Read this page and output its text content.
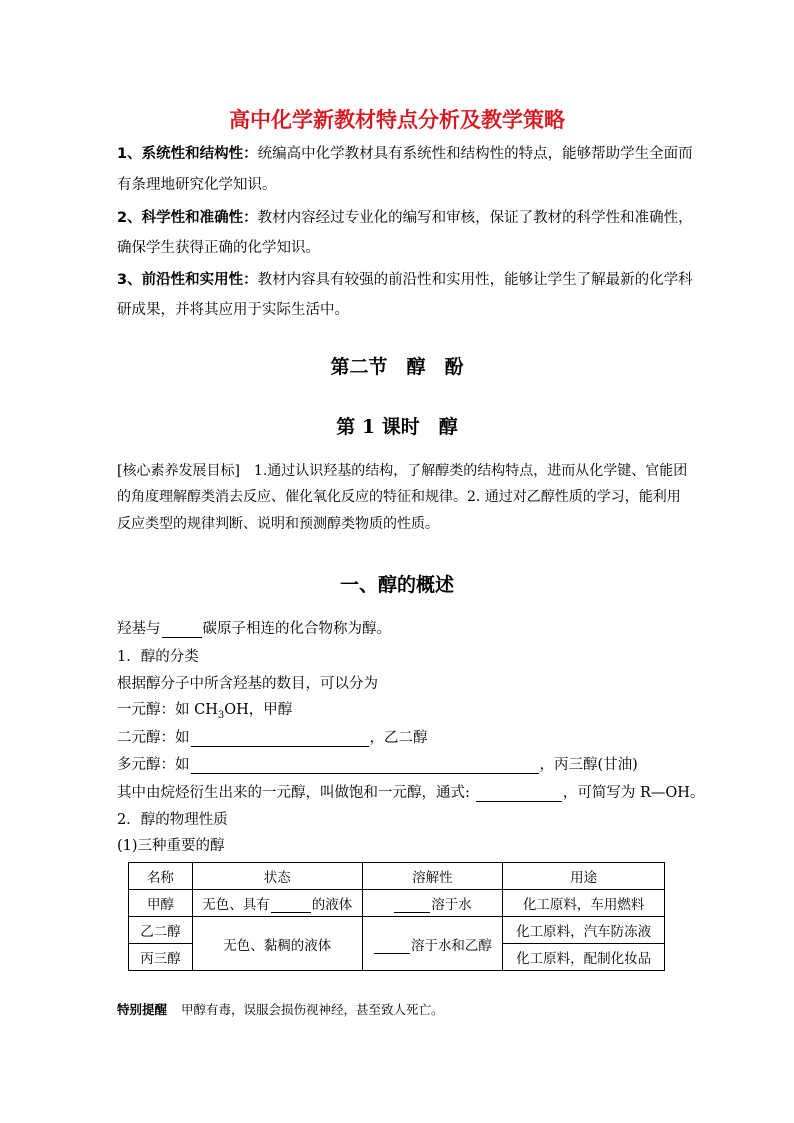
高中化学新教材特点分析及教学策略
1、系统性和结构性：统编高中化学教材具有系统性和结构性的特点，能够帮助学生全面而
有条理地研究化学知识。
2、科学性和准确性：教材内容经过专业化的编写和审核，保证了教材的科学性和准确性，
确保学生获得正确的化学知识。
3、前沿性和实用性：教材内容具有较强的前沿性和实用性，能够让学生了解最新的化学科
研成果，并将其应用于实际生活中。
第二节　醇　酚
第 1 课时　醇
[核心素养发展目标]　1.通过认识羟基的结构，了解醇类的结构特点，进而从化学键、官能团
的角度理解醇类消去反应、催化氧化反应的特征和规律。2. 通过对乙醇性质的学习，能利用
反应类型的规律判断、说明和预测醇类物质的性质。
一、醇的概述
羟基与	碳原子相连的化合物称为醇。
1．醇的分类
根据醇分子中所含羟基的数目，可以分为
一元醇：如 $CH_3OH$，甲醇
二元醇：如	，乙二醇
多元醇：如	，丙三醇(甘油)
其中由烷烃衍生出来的一元醇，叫做饱和一元醇，通式:	，可简写为 R—OH。
2．醇的物理性质
(1)三种重要的醇
名称	状态	溶解性	用途
甲醇	无色、具有 的液体	溶于水	化工原料，车用燃料
乙二醇	无色、黏稠的液体	溶于水和乙醇	化工原料，汽车防冻液
丙三醇			化工原料，配制化妆品
特别提醒 甲醇有毒，误服会损伤视神经，甚至致人死亡。
